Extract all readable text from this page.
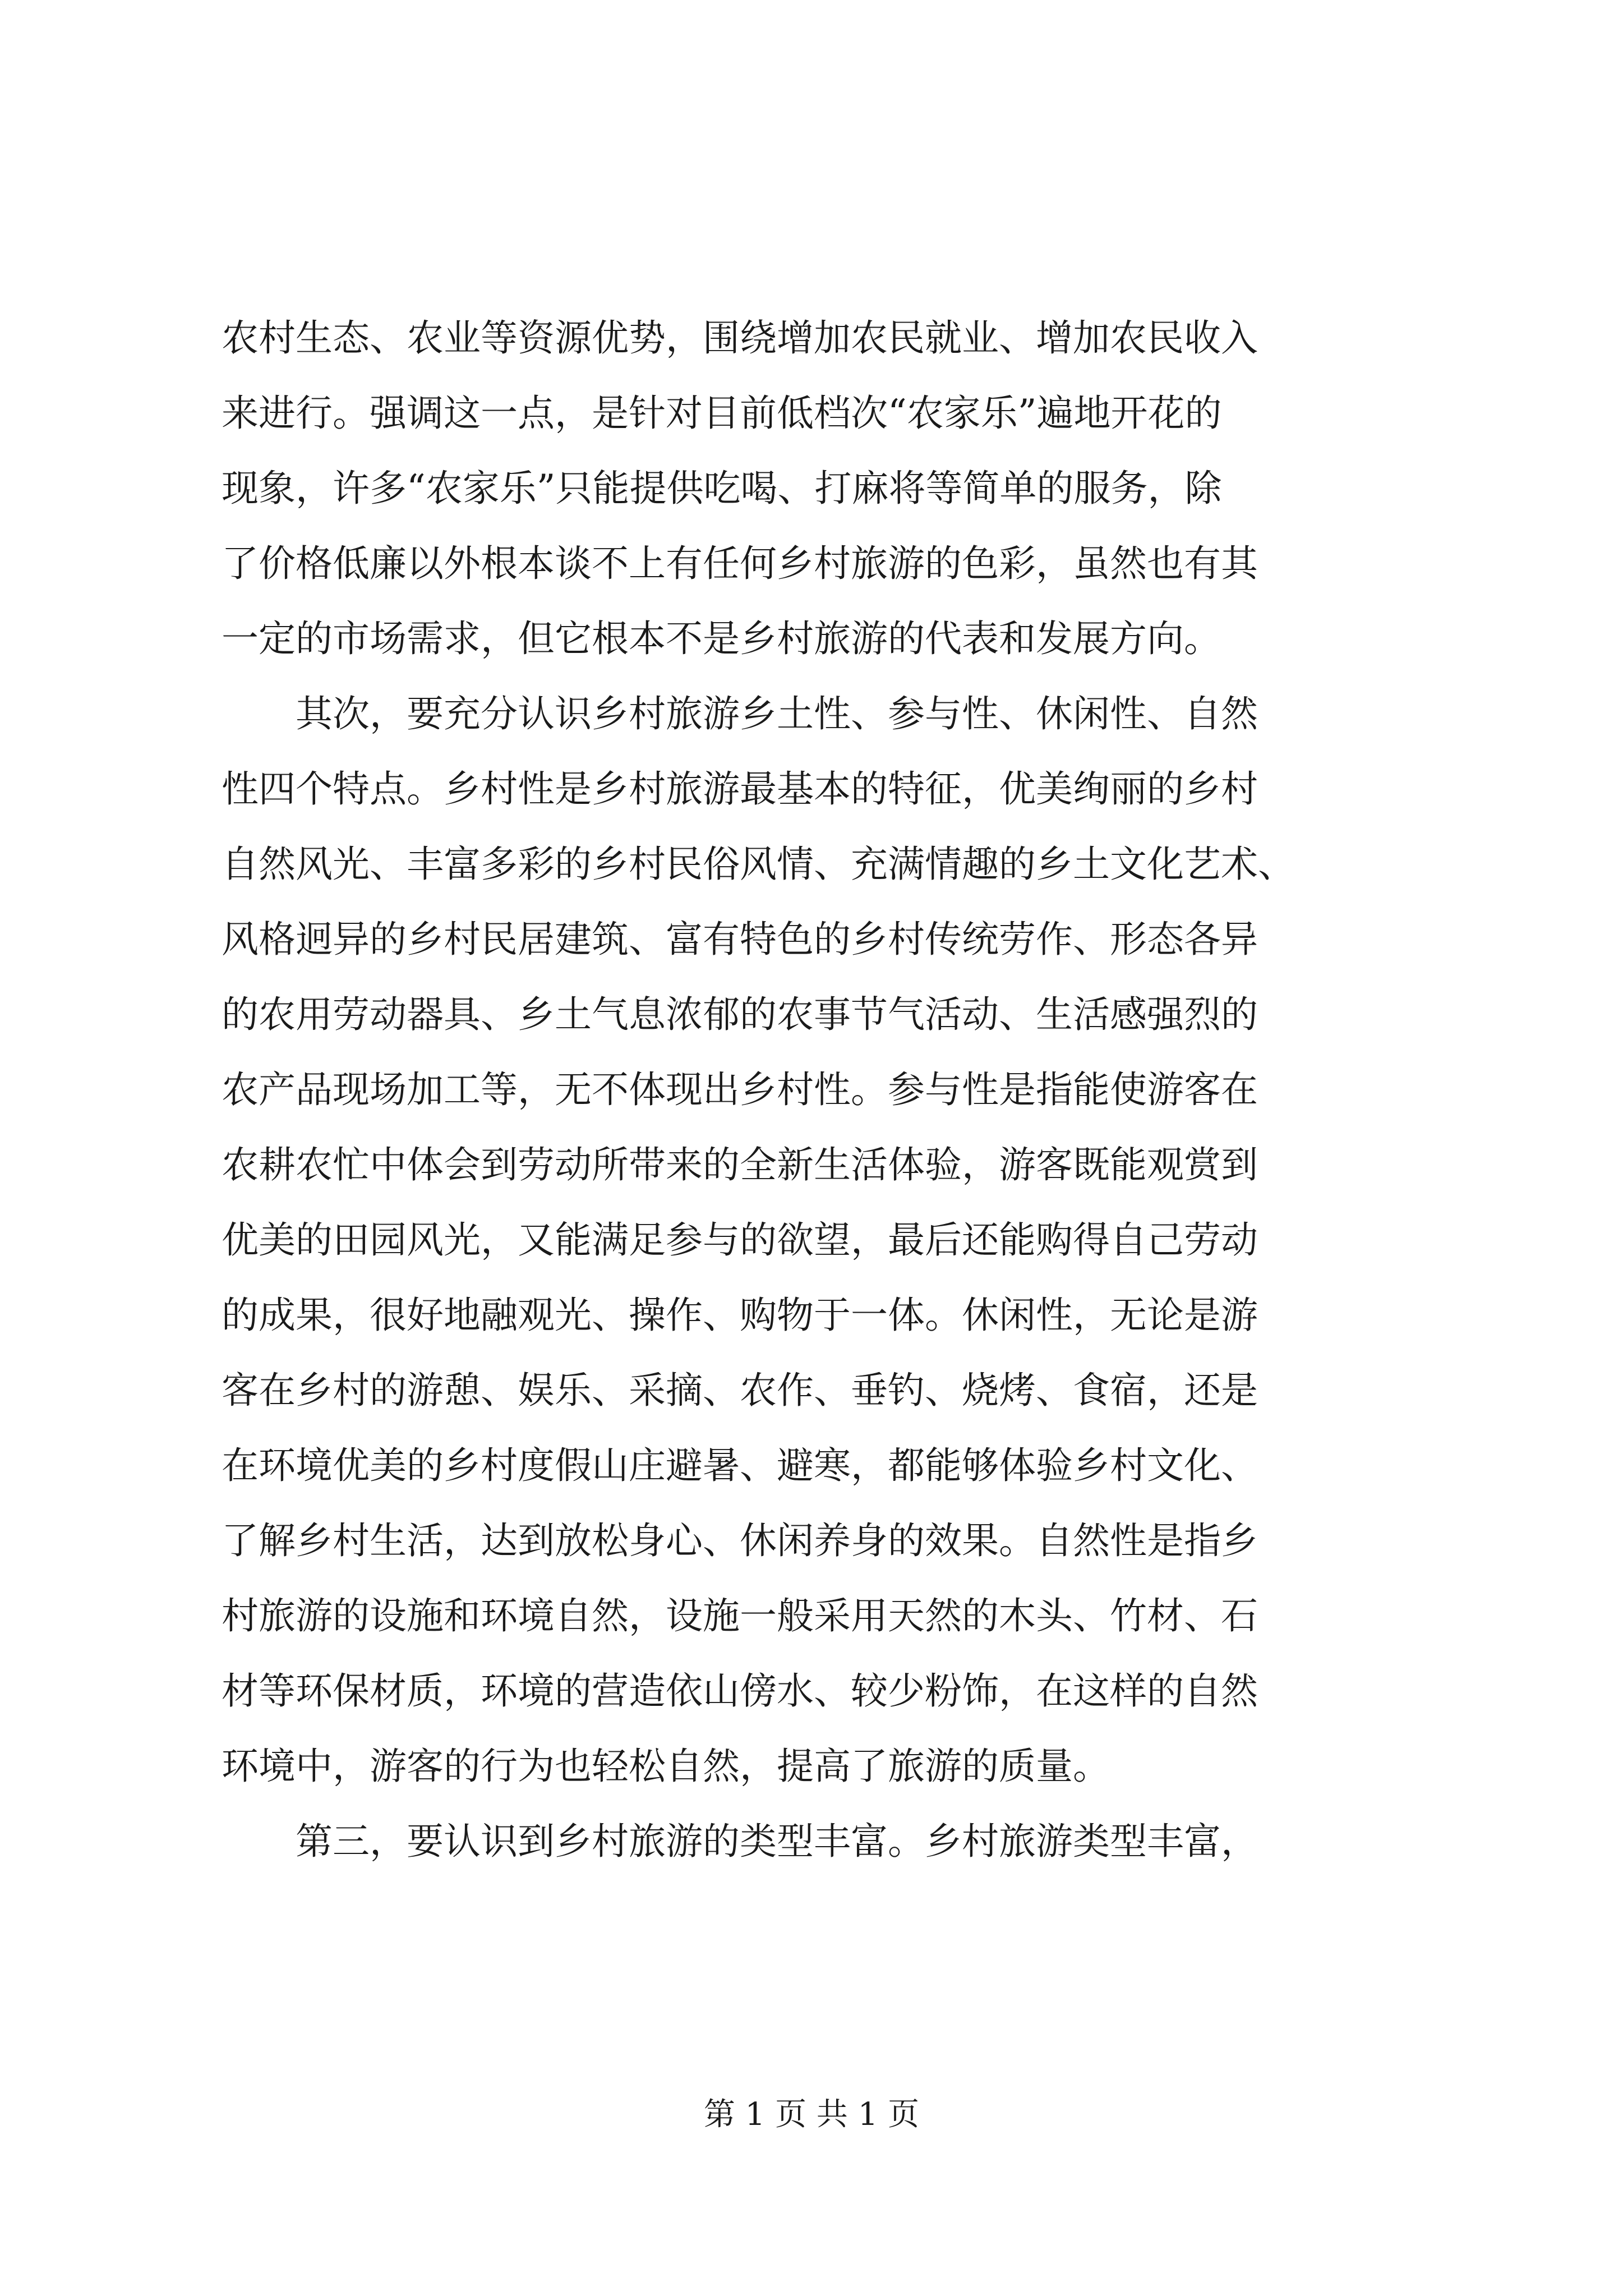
农村生态、农业等资源优势，围绕增加农民就业、增加农民收入
来进行。强调这一点，是针对目前低档次“农家乐”遍地开花的
现象，许多“农家乐”只能提供吃喝、打麻将等简单的服务，除
了价格低廉以外根本谈不上有任何乡村旅游的色彩，虽然也有其
一定的市场需求，但它根本不是乡村旅游的代表和发展方向。
　　其次，要充分认识乡村旅游乡土性、参与性、休闲性、自然
性四个特点。乡村性是乡村旅游最基本的特征，优美绚丽的乡村
自然风光、丰富多彩的乡村民俗风情、充满情趣的乡土文化艺术、
风格迥异的乡村民居建筑、富有特色的乡村传统劳作、形态各异
的农用劳动器具、乡土气息浓郁的农事节气活动、生活感强烈的
农产品现场加工等，无不体现出乡村性。参与性是指能使游客在
农耕农忙中体会到劳动所带来的全新生活体验，游客既能观赏到
优美的田园风光，又能满足参与的欲望，最后还能购得自己劳动
的成果，很好地融观光、操作、购物于一体。休闲性，无论是游
客在乡村的游憩、娱乐、采摘、农作、垂钓、烧烤、食宿，还是
在环境优美的乡村度假山庄避暑、避寒，都能够体验乡村文化、
了解乡村生活，达到放松身心、休闲养身的效果。自然性是指乡
村旅游的设施和环境自然，设施一般采用天然的木头、竹材、石
材等环保材质，环境的营造依山傍水、较少粉饰，在这样的自然
环境中，游客的行为也轻松自然，提高了旅游的质量。
　　第三，要认识到乡村旅游的类型丰富。乡村旅游类型丰富，
第 1 页 共 1 页
